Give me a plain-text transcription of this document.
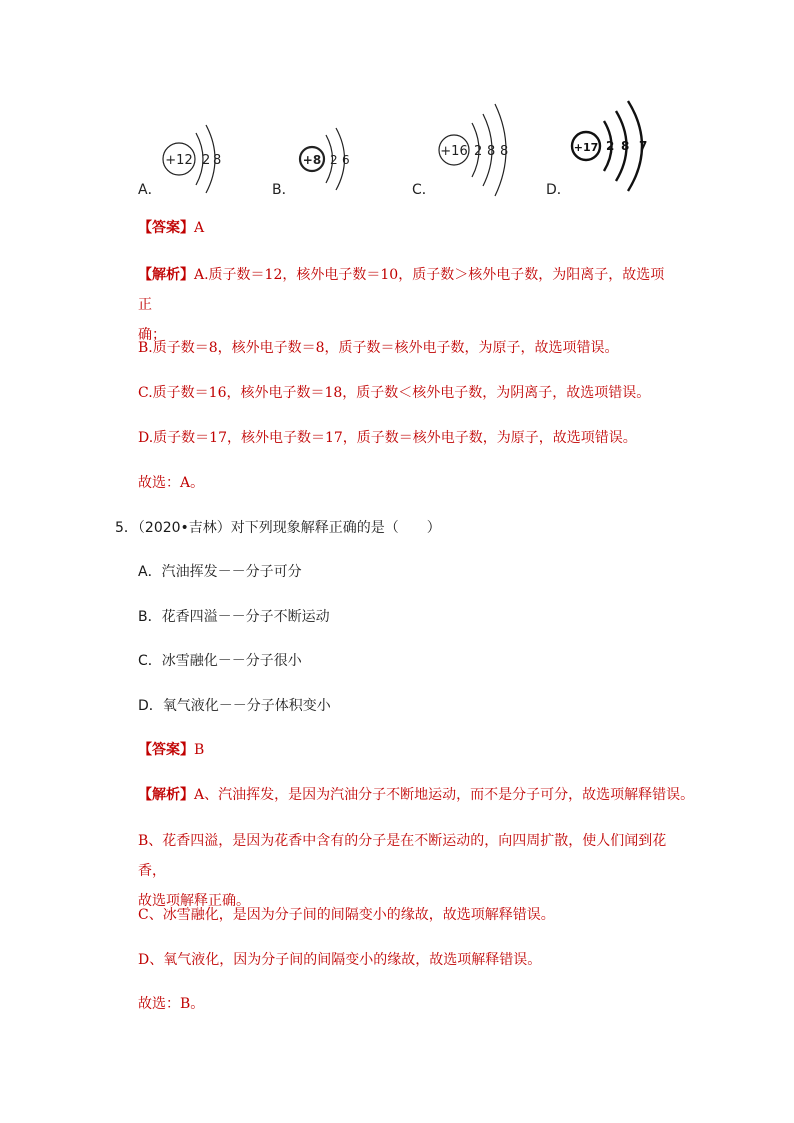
+12 2 8
A．
+8 2 6
B．
+16 2 8 8
C．
+17 2 8 7
D．
【答案】A
【解析】A.质子数＝12，核外电子数＝10，质子数＞核外电子数，为阳离子，故选项正
确；
B.质子数＝8，核外电子数＝8，质子数＝核外电子数，为原子，故选项错误。
C.质子数＝16，核外电子数＝18，质子数＜核外电子数，为阴离子，故选项错误。
D.质子数＝17，核外电子数＝17，质子数＝核外电子数，为原子，故选项错误。
故选：A。
5．（2020•吉林）对下列现象解释正确的是（　　）
A．汽油挥发－－分子可分
B．花香四溢－－分子不断运动
C．冰雪融化－－分子很小
D．氧气液化－－分子体积变小
【答案】B
【解析】A、汽油挥发，是因为汽油分子不断地运动，而不是分子可分，故选项解释错误。
B、花香四溢，是因为花香中含有的分子是在不断运动的，向四周扩散，使人们闻到花香，
故选项解释正确。
C、冰雪融化，是因为分子间的间隔变小的缘故，故选项解释错误。
D、氧气液化，因为分子间的间隔变小的缘故，故选项解释错误。
故选：B。
